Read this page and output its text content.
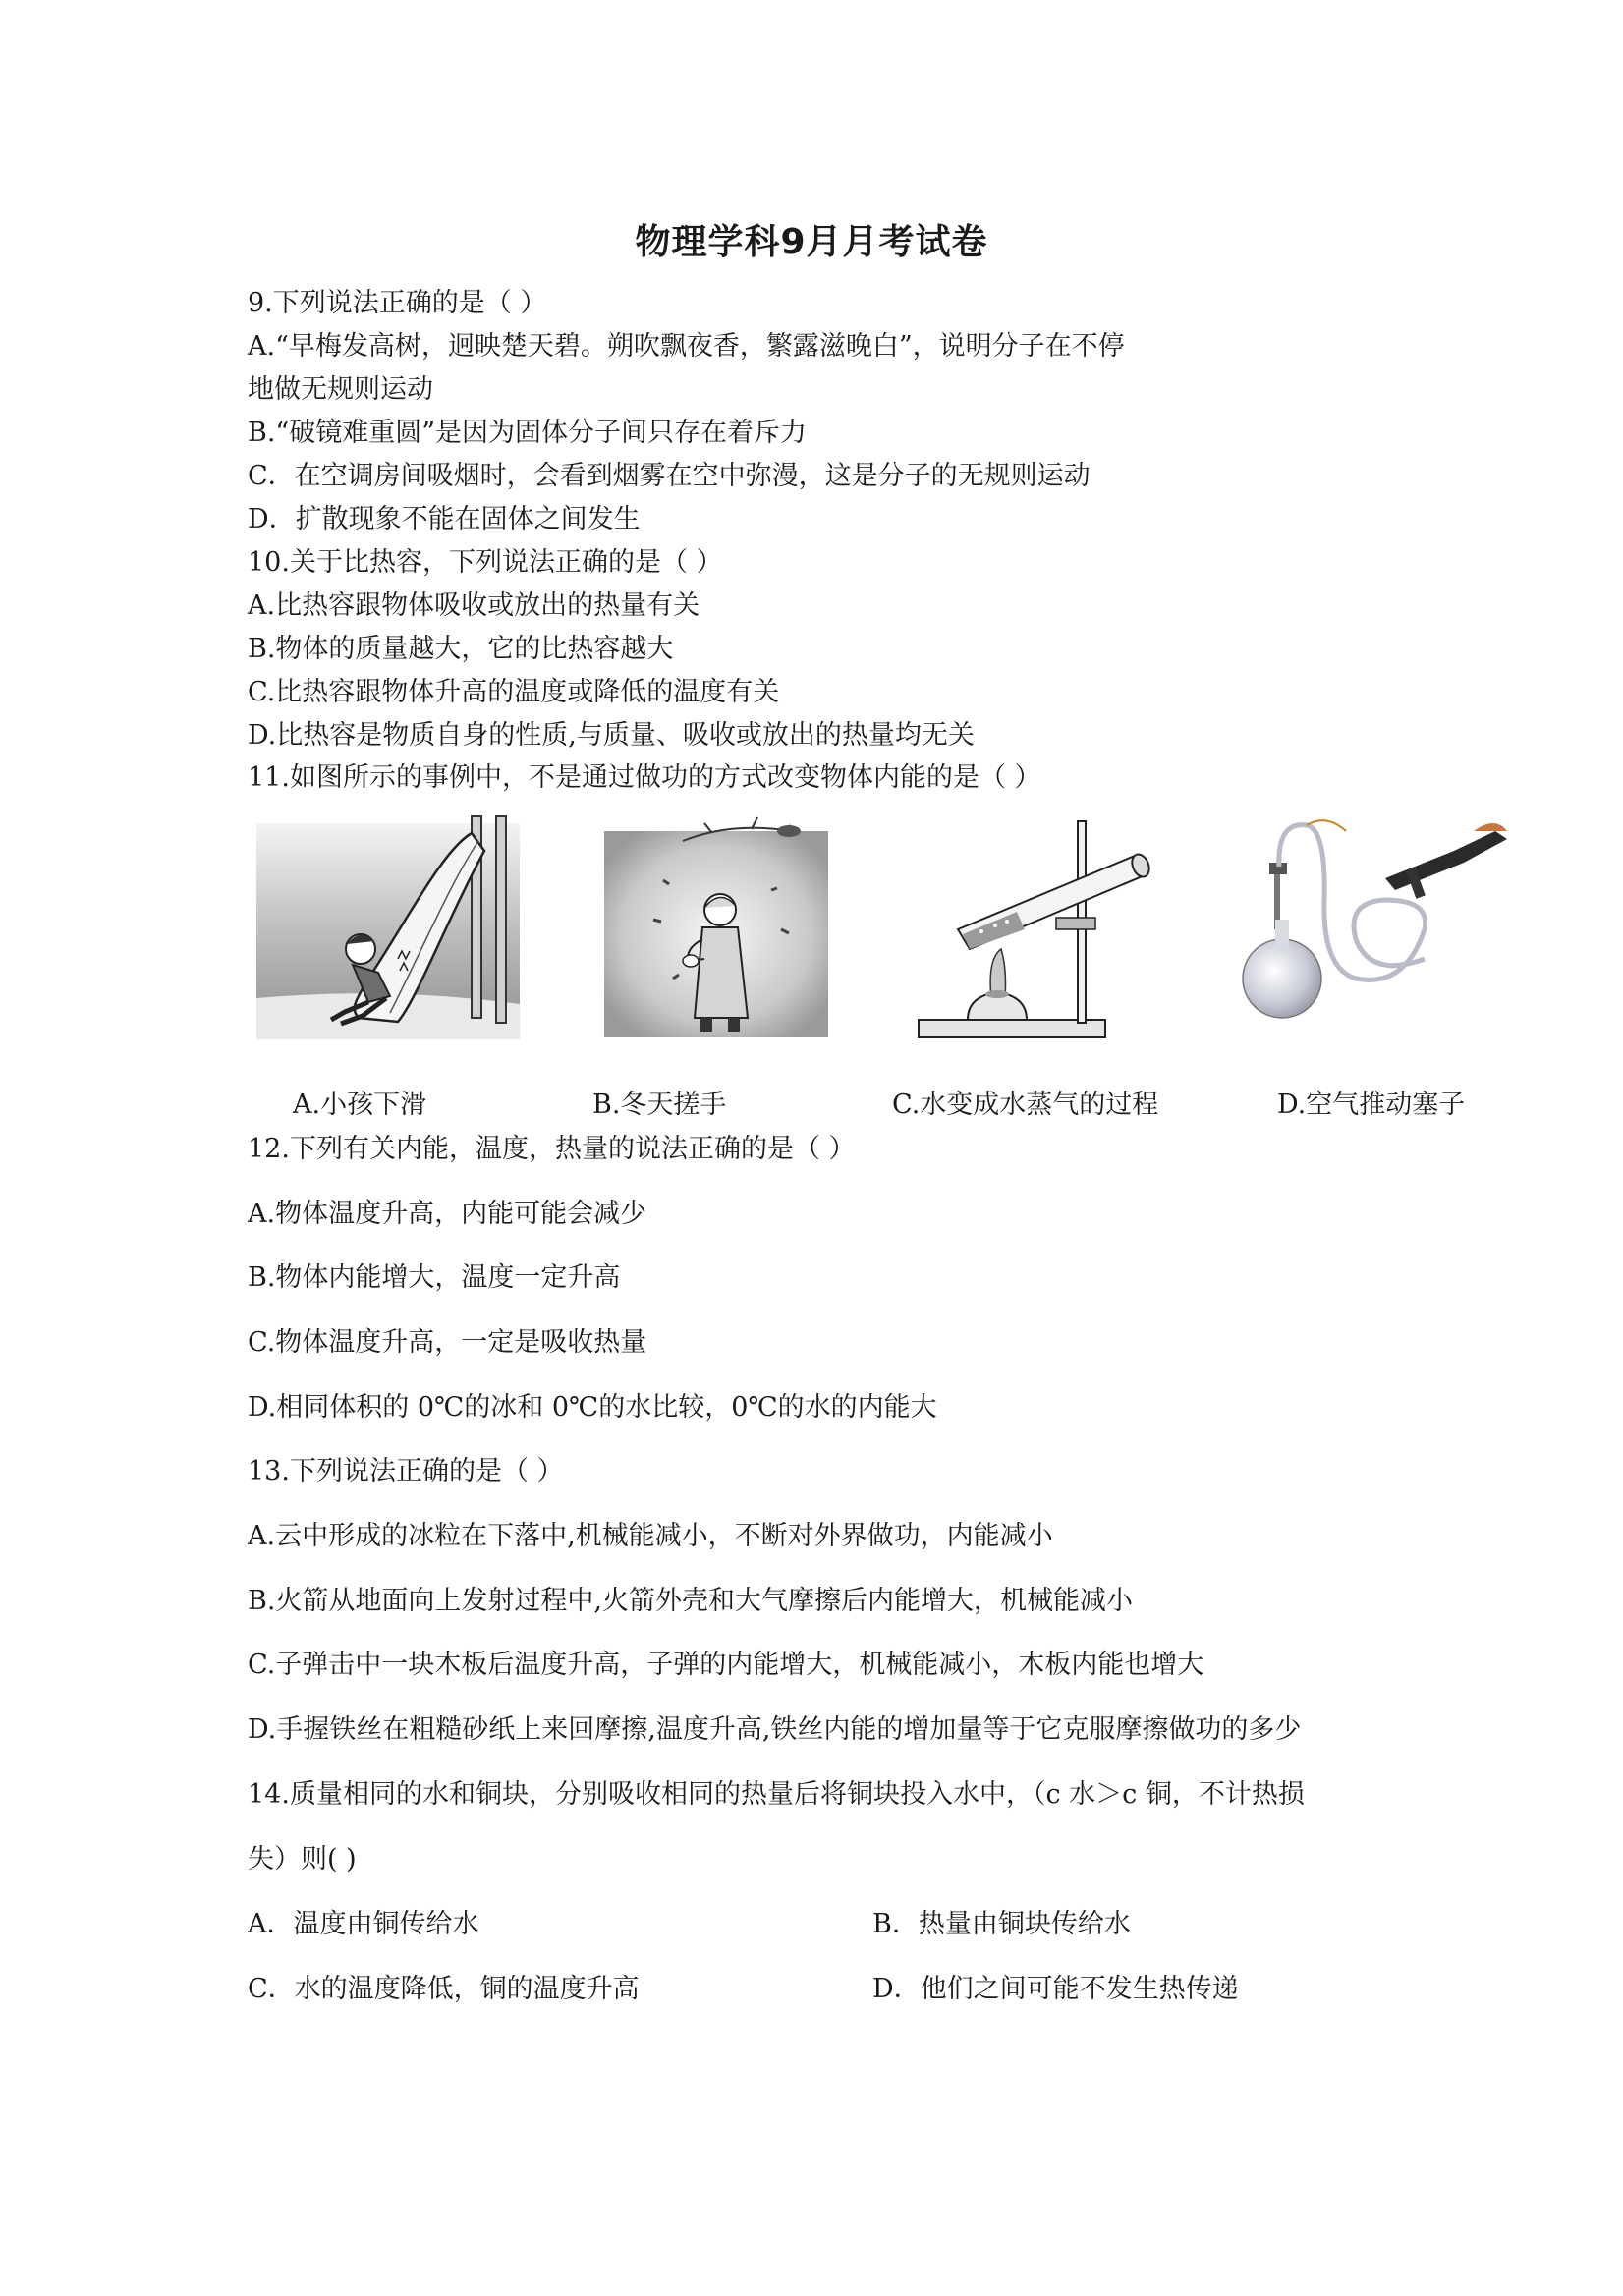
物理学科9月月考试卷
9.下列说法正确的是（ ）
A.“早梅发高树，迥映楚天碧。朔吹飘夜香，繁露滋晚白”，说明分子在不停
地做无规则运动
B.“破镜难重圆”是因为固体分子间只存在着斥力
C．在空调房间吸烟时，会看到烟雾在空中弥漫，这是分子的无规则运动
D．扩散现象不能在固体之间发生
10.关于比热容，下列说法正确的是（ ）
A.比热容跟物体吸收或放出的热量有关
B.物体的质量越大，它的比热容越大
C.比热容跟物体升高的温度或降低的温度有关
D.比热容是物质自身的性质,与质量、吸收或放出的热量均无关
11.如图所示的事例中，不是通过做功的方式改变物体内能的是（ ）
A.小孩下滑	B.冬天搓手	C.水变成水蒸气的过程	D.空气推动塞子
12.下列有关内能，温度，热量的说法正确的是（ ）
A.物体温度升高，内能可能会减少
B.物体内能增大，温度一定升高
C.物体温度升高，一定是吸收热量
D.相同体积的 0℃的冰和 0℃的水比较，0℃的水的内能大
13.下列说法正确的是（ ）
A.云中形成的冰粒在下落中,机械能减小，不断对外界做功，内能减小
B.火箭从地面向上发射过程中,火箭外壳和大气摩擦后内能增大，机械能减小
C.子弹击中一块木板后温度升高，子弹的内能增大，机械能减小，木板内能也增大
D.手握铁丝在粗糙砂纸上来回摩擦,温度升高,铁丝内能的增加量等于它克服摩擦做功的多少
14.质量相同的水和铜块，分别吸收相同的热量后将铜块投入水中，（c 水＞c 铜，不计热损
失）则( )
A．温度由铜传给水	B．热量由铜块传给水
C．水的温度降低，铜的温度升高	D．他们之间可能不发生热传递
